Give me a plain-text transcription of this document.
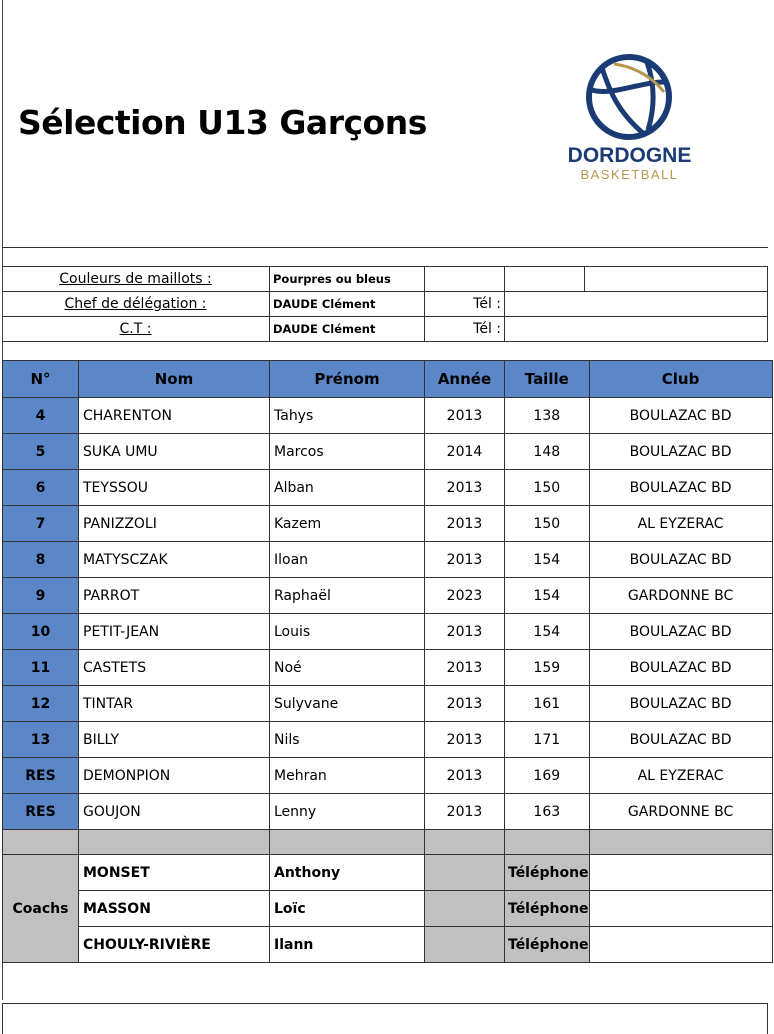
Sélection U13 Garçons
DORDOGNE
BASKETBALL
Couleurs de maillots :	Pourpres ou bleus
Chef de délégation :	DAUDE Clément	Tél :
C.T :	DAUDE Clément	Tél :
N°	Nom	Prénom	Année	Taille	Club
4	CHARENTON	Tahys	2013	138	BOULAZAC BD
5	SUKA UMU	Marcos	2014	148	BOULAZAC BD
6	TEYSSOU	Alban	2013	150	BOULAZAC BD
7	PANIZZOLI	Kazem	2013	150	AL EYZERAC
8	MATYSCZAK	Iloan	2013	154	BOULAZAC BD
9	PARROT	Raphaël	2023	154	GARDONNE BC
10	PETIT-JEAN	Louis	2013	154	BOULAZAC BD
11	CASTETS	Noé	2013	159	BOULAZAC BD
12	TINTAR	Sulyvane	2013	161	BOULAZAC BD
13	BILLY	Nils	2013	171	BOULAZAC BD
RES	DEMONPION	Mehran	2013	169	AL EYZERAC
RES	GOUJON	Lenny	2013	163	GARDONNE BC

Coachs	MONSET	Anthony		Téléphone	
	MASSON	Loïc		Téléphone	
	CHOULY-RIVIÈRE	Ilann		Téléphone	
